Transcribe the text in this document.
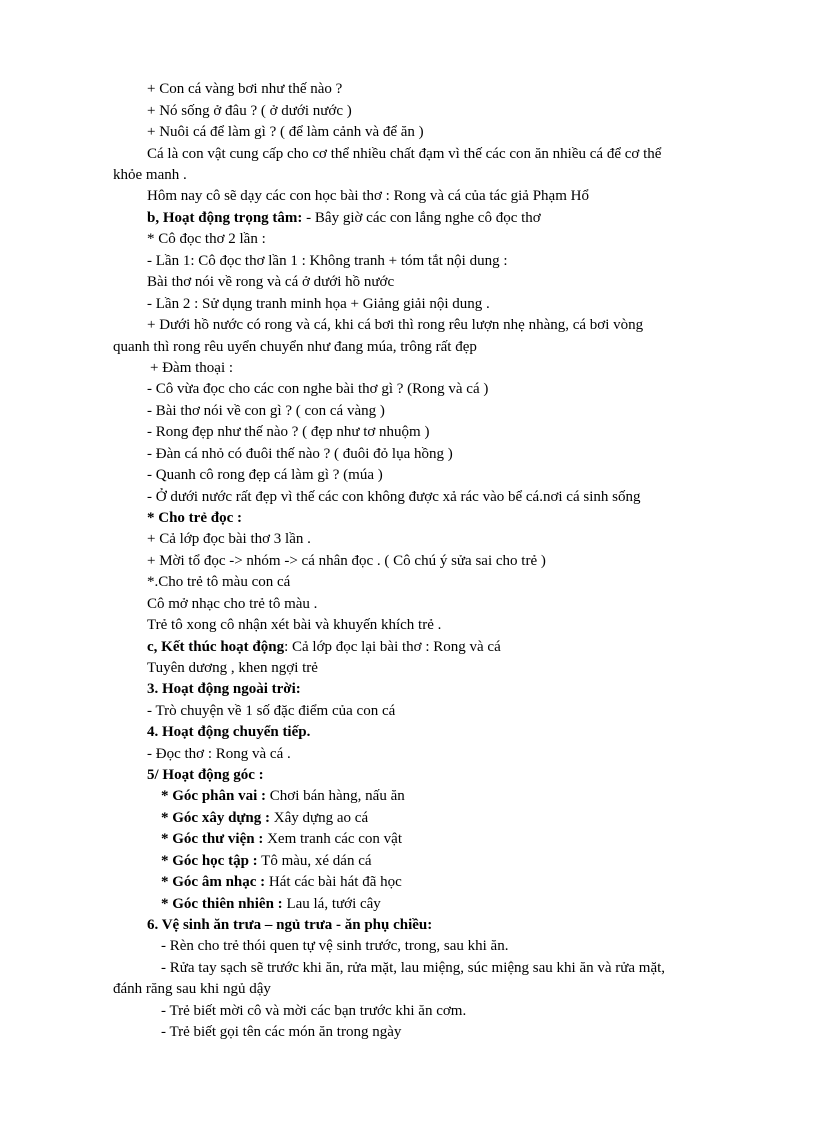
+ Con cá vàng bơi như thế nào ?
+ Nó sống ở đâu ? ( ở dưới nước )
+ Nuôi cá để làm gì ? ( để làm cảnh và để ăn )
Cá là con vật cung cấp cho cơ thể nhiều chất đạm vì thế các con ăn nhiều cá để cơ thể
khỏe manh .
Hôm nay cô sẽ dạy các con học bài thơ : Rong và cá của tác giả Phạm Hổ
b, Hoạt động trọng tâm: - Bây giờ các con lắng nghe cô đọc thơ
* Cô đọc thơ 2 lần :
- Lần 1: Cô đọc thơ lần 1 : Không tranh + tóm tắt nội dung :
Bài thơ nói về rong và cá ở dưới hồ nước
- Lần 2 : Sử dụng tranh minh họa + Giảng giải nội dung .
+ Dưới hồ nước có rong và cá, khi cá bơi thì rong rêu lượn nhẹ nhàng, cá bơi vòng
quanh thì rong rêu uyển chuyển như đang múa, trông rất đẹp
+ Đàm thoại :
- Cô vừa đọc cho các con nghe bài thơ gì ? (Rong và cá )
- Bài thơ nói về con gì ? ( con cá vàng )
- Rong đẹp như thế nào ? ( đẹp như tơ nhuộm )
- Đàn cá nhỏ có đuôi thế nào ? ( đuôi đỏ lụa hồng )
- Quanh cô rong đẹp cá làm gì ? (múa )
- Ở dưới nước rất đẹp vì thế các con không được xả rác vào bể cá.nơi cá sinh sống
* Cho trẻ đọc :
+ Cả lớp đọc bài thơ 3 lần .
+ Mời tổ đọc -> nhóm -> cá nhân đọc . ( Cô chú ý sửa sai cho trẻ )
*.Cho trẻ tô màu con cá
Cô mở nhạc cho trẻ tô màu .
Trẻ tô xong cô nhận xét bài và khuyến khích trẻ .
c, Kết thúc hoạt động: Cả lớp đọc lại bài thơ : Rong và cá
Tuyên dương , khen ngợi trẻ
3. Hoạt động ngoài trời:
- Trò chuyện về 1 số đặc điểm của con cá
4. Hoạt động chuyển tiếp.
- Đọc thơ : Rong và cá .
5/ Hoạt động góc :
* Góc phân vai : Chơi bán hàng, nấu ăn
* Góc xây dựng : Xây dựng ao cá
* Góc thư viện : Xem tranh các con vật
* Góc học tập : Tô màu, xé dán cá
* Góc âm nhạc : Hát các bài hát đã học
* Góc thiên nhiên : Lau lá, tưới cây
6. Vệ sinh ăn trưa – ngủ trưa - ăn phụ chiều:
- Rèn cho trẻ thói quen tự vệ sinh trước, trong, sau khi ăn.
- Rửa tay sạch sẽ trước khi ăn, rửa mặt, lau miệng, súc miệng sau khi ăn và rửa mặt,
đánh răng sau khi ngủ dậy
- Trẻ biết mời cô và mời các bạn trước khi ăn cơm.
- Trẻ biết gọi tên các món ăn trong ngày
